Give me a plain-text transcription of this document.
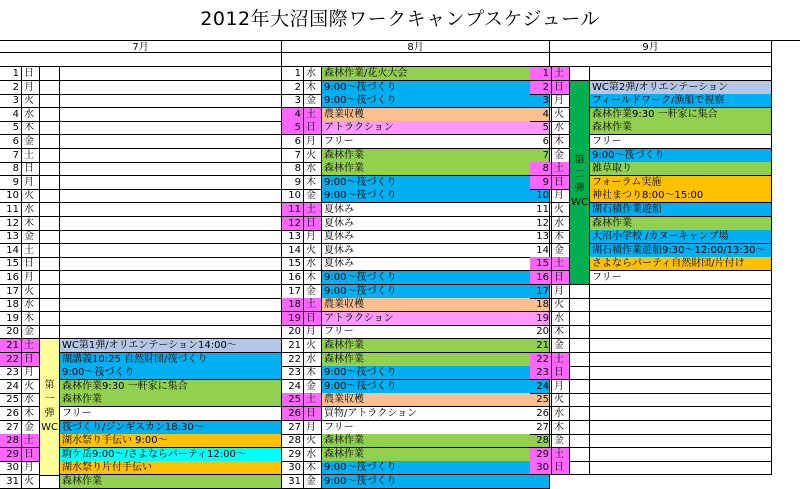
2012年大沼国際ワークキャンプスケジュール
7月
1 日
2 月
3 火
4 水
5 木
6 金
7 土
8 日
9 月
10 火
11 水
12 木
13 金
14 土
15 日
16 月
17 火
18 水
19 木
20 金
21 土	WC第1弾/オリエンテーション14:00～
22 日	湖講義10:25 自然財団/筏づくり
23 月	9:00～筏づくり
24 火	森林作業9:30 一軒家に集合
25 水	森林作業
26 木	フリー
27 金	筏づくり/ジンギスカン18:30～
28 土	湖水祭り手伝い 9:00～
29 日	駒ケ岳9:00～/さよならパーティ12:00～
30 月	湖水祭り片付手伝い
31 火	森林作業
第
一
弾
WC
8月
1 水 森林作業/花火大会
2 木 9:00～筏づくり
3 金 9:00～筏づくり
4 土 農業収穫
5 日 アトラクション
6 月 フリー
7 火 森林作業
8 水 森林作業
9 木 9:00～筏づくり
10 金 9:00～筏づくり
11 土 夏休み
12 日 夏休み
13 月 夏休み
14 火 夏休み
15 水 夏休み
16 木 9:00～筏づくり
17 金 9:00～筏づくり
18 土 農業収穫
19 日 アトラクション
20 月 フリー
21 火 森林作業
22 水 森林作業
23 木 9:00～筏づくり
24 金 9:00～筏づくり
25 土 農業収穫
26 日 買物/アトラクション
27 月 フリー
28 火 森林作業
29 水 森林作業
30 木 9:00～筏づくり
31 金 9:00～筏づくり
9月
1 土
2 日	WC第2弾/オリエンテーション
3 月	フィールドワーク/漁船で視察
4 火	森林作業9:30 一軒家に集合
5 水	森林作業
6 木	フリー
7 金	9:00～筏づくり
8 土	雑草取り
9 日	フォーラム実施
10 月	神社まつり8:00～15:00
11 火	湖石積作業遊船
12 水	森林作業
13 木	大沼小学校 /カヌーキャンプ場
14 金	湖石積作業遊船9:30～12:00/13:30～
15 土	さよならパーティ自然財団/片付け
16 日	フリー
17 月
18 火
19 水
20 木
21 金
22 土
23 日
24 月
25 火
26 水
27 木
28 金
29 土
30 日
第
二
弾
WC
